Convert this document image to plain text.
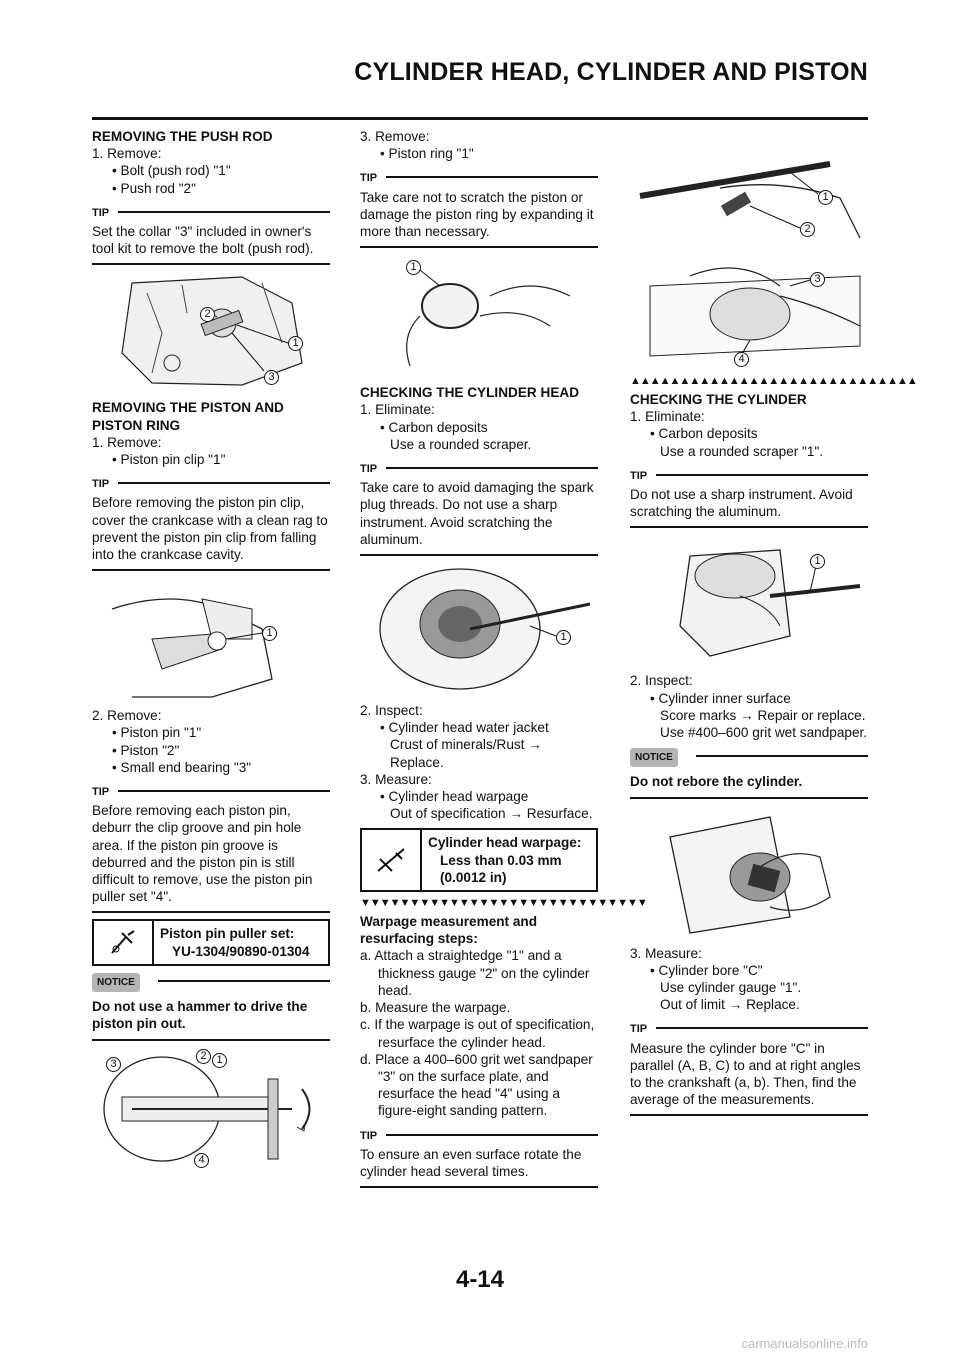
CYLINDER HEAD, CYLINDER AND PISTON

REMOVING THE PUSH ROD

1. Remove:

• Bolt (push rod) "1"

• Push rod "2"

TIP
Set the collar "3" included in owner's tool kit to remove the bolt (push rod).
1
2
3

REMOVING THE PISTON AND PISTON RING

1. Remove:

• Piston pin clip "1"

TIP
Before removing the piston pin clip, cover the crankcase with a clean rag to prevent the piston pin clip from falling into the crankcase cavity.
1

2. Remove:

• Piston pin "1"

• Piston "2"

• Small end bearing "3"

TIP
Before removing each piston pin, deburr the clip groove and pin hole area. If the piston pin groove is deburred and the piston pin is still difficult to remove, use the piston pin puller set "4".
Piston pin puller set:
YU-1304/90890-01304
NOTICE
Do not use a hammer to drive the piston pin out.
1
2
3
4

3. Remove:

• Piston ring "1"

TIP
Take care not to scratch the piston or damage the piston ring by expanding it more than necessary.
1

CHECKING THE CYLINDER HEAD

1. Eliminate:

• Carbon deposits

Use a rounded scraper.

TIP
Take care to avoid damaging the spark plug threads. Do not use a sharp instrument. Avoid scratching the aluminum.
1

2. Inspect:

• Cylinder head water jacket

Crust of minerals/Rust → Replace.

3. Measure:

• Cylinder head warpage

Out of specification → Resurface.

Cylinder head warpage:
Less than 0.03 mm
(0.0012 in)
▼▼▼▼▼▼▼▼▼▼▼▼▼▼▼▼▼▼▼▼▼▼▼▼▼▼▼▼▼

Warpage measurement and resurfacing steps:

a. Attach a straightedge "1" and a thickness gauge "2" on the cylinder head.

b. Measure the warpage.

c. If the warpage is out of specification, resurface the cylinder head.

d. Place a 400–600 grit wet sandpaper "3" on the surface plate, and resurface the head "4" using a figure-eight sanding pattern.

TIP
To ensure an even surface rotate the cylinder head several times.
1
2
3
4
▲▲▲▲▲▲▲▲▲▲▲▲▲▲▲▲▲▲▲▲▲▲▲▲▲▲▲▲▲

CHECKING THE CYLINDER

1. Eliminate:

• Carbon deposits

Use a rounded scraper "1".

TIP
Do not use a sharp instrument. Avoid scratching the aluminum.
1

2. Inspect:

• Cylinder inner surface

Score marks → Repair or replace. Use #400–600 grit wet sandpaper.

NOTICE
Do not rebore the cylinder.

3. Measure:

• Cylinder bore "C"

Use cylinder gauge "1".

Out of limit → Replace.

TIP
Measure the cylinder bore "C" in parallel (A, B, C) to and at right angles to the crankshaft (a, b). Then, find the average of the measurements.
4-14
carmanualsonline.info
